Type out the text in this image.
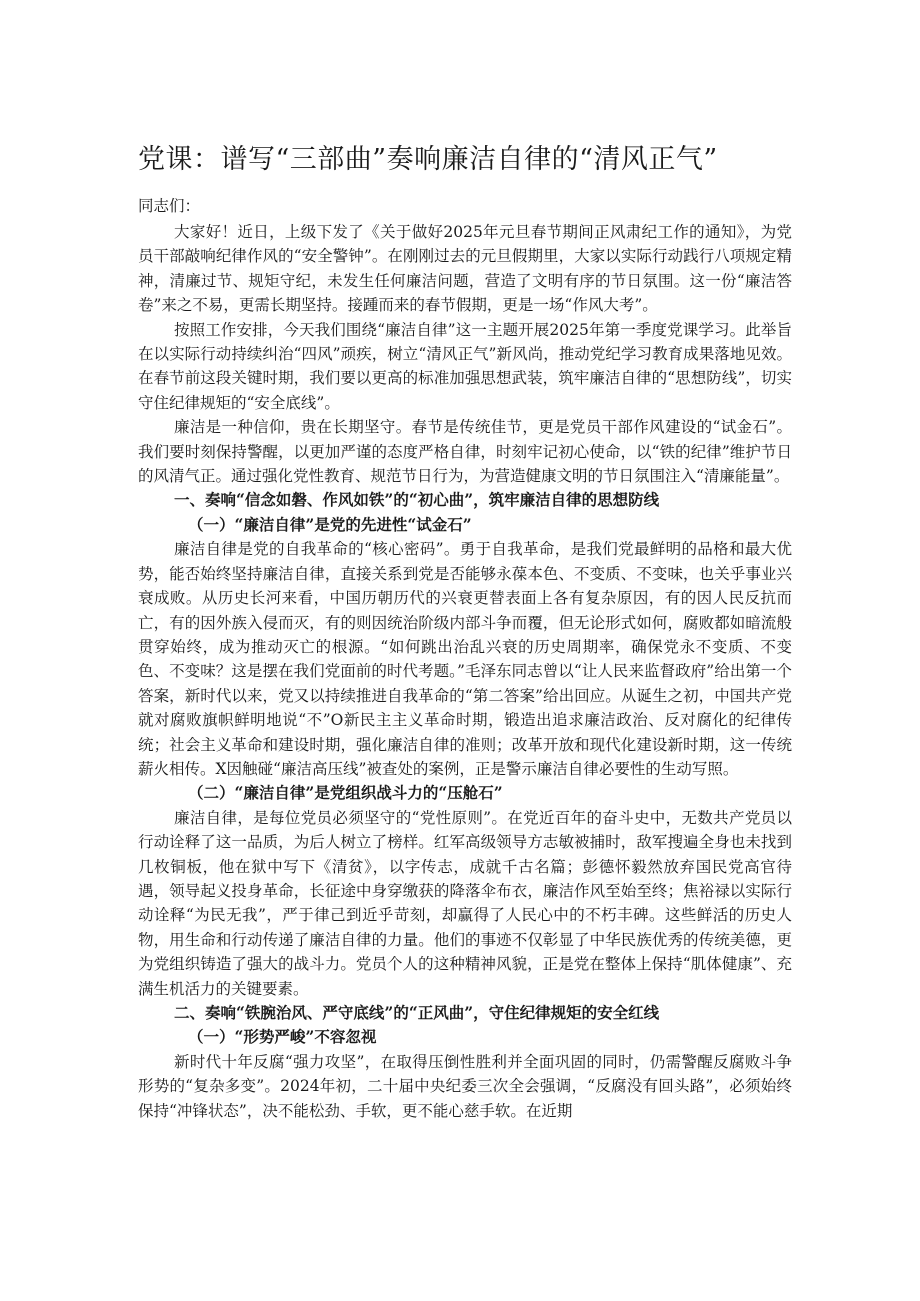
党课：谱写“三部曲”奏响廉洁自律的“清风正气”

同志们：

大家好！近日，上级下发了《关于做好2025年元旦春节期间正风肃纪工作的通知》，为党员干部敲响纪律作风的“安全警钟”。在刚刚过去的元旦假期里，大家以实际行动践行八项规定精神，清廉过节、规矩守纪，未发生任何廉洁问题，营造了文明有序的节日氛围。这一份“廉洁答卷”来之不易，更需长期坚持。接踵而来的春节假期，更是一场“作风大考”。

按照工作安排，今天我们围绕“廉洁自律”这一主题开展2025年第一季度党课学习。此举旨在以实际行动持续纠治“四风”顽疾，树立“清风正气”新风尚，推动党纪学习教育成果落地见效。在春节前这段关键时期，我们要以更高的标准加强思想武装，筑牢廉洁自律的“思想防线”，切实守住纪律规矩的“安全底线”。

廉洁是一种信仰，贵在长期坚守。春节是传统佳节，更是党员干部作风建设的“试金石”。我们要时刻保持警醒，以更加严谨的态度严格自律，时刻牢记初心使命，以“铁的纪律”维护节日的风清气正。通过强化党性教育、规范节日行为，为营造健康文明的节日氛围注入“清廉能量”。

一、奏响“信念如磐、作风如铁”的“初心曲”，筑牢廉洁自律的思想防线

（一）“廉洁自律”是党的先进性“试金石”

廉洁自律是党的自我革命的“核心密码”。勇于自我革命，是我们党最鲜明的品格和最大优势，能否始终坚持廉洁自律，直接关系到党是否能够永葆本色、不变质、不变味，也关乎事业兴衰成败。从历史长河来看，中国历朝历代的兴衰更替表面上各有复杂原因，有的因人民反抗而亡，有的因外族入侵而灭，有的则因统治阶级内部斗争而覆，但无论形式如何，腐败都如暗流般贯穿始终，成为推动灭亡的根源。“如何跳出治乱兴衰的历史周期率，确保党永不变质、不变色、不变味？这是摆在我们党面前的时代考题。”毛泽东同志曾以“让人民来监督政府”给出第一个答案，新时代以来，党又以持续推进自我革命的“第二答案”给出回应。从诞生之初，中国共产党就对腐败旗帜鲜明地说“不”O新民主主义革命时期，锻造出追求廉洁政治、反对腐化的纪律传统；社会主义革命和建设时期，强化廉洁自律的准则；改革开放和现代化建设新时期，这一传统薪火相传。X因触碰“廉洁高压线”被查处的案例，正是警示廉洁自律必要性的生动写照。

（二）“廉洁自律”是党组织战斗力的“压舱石”

廉洁自律，是每位党员必须坚守的“党性原则”。在党近百年的奋斗史中，无数共产党员以行动诠释了这一品质，为后人树立了榜样。红军高级领导方志敏被捕时，敌军搜遍全身也未找到几枚铜板，他在狱中写下《清贫》，以字传志，成就千古名篇；彭德怀毅然放弃国民党高官待遇，领导起义投身革命，长征途中身穿缴获的降落伞布衣，廉洁作风至始至终；焦裕禄以实际行动诠释“为民无我”，严于律己到近乎苛刻，却赢得了人民心中的不朽丰碑。这些鲜活的历史人物，用生命和行动传递了廉洁自律的力量。他们的事迹不仅彰显了中华民族优秀的传统美德，更为党组织铸造了强大的战斗力。党员个人的这种精神风貌，正是党在整体上保持“肌体健康”、充满生机活力的关键要素。

二、奏响“铁腕治风、严守底线”的“正风曲”，守住纪律规矩的安全红线

（一）“形势严峻”不容忽视

新时代十年反腐“强力攻坚”，在取得压倒性胜利并全面巩固的同时，仍需警醒反腐败斗争形势的“复杂多变”。2024年初，二十届中央纪委三次全会强调，“反腐没有回头路”，必须始终保持“冲锋状态”，决不能松劲、手软，更不能心慈手软。在近期
